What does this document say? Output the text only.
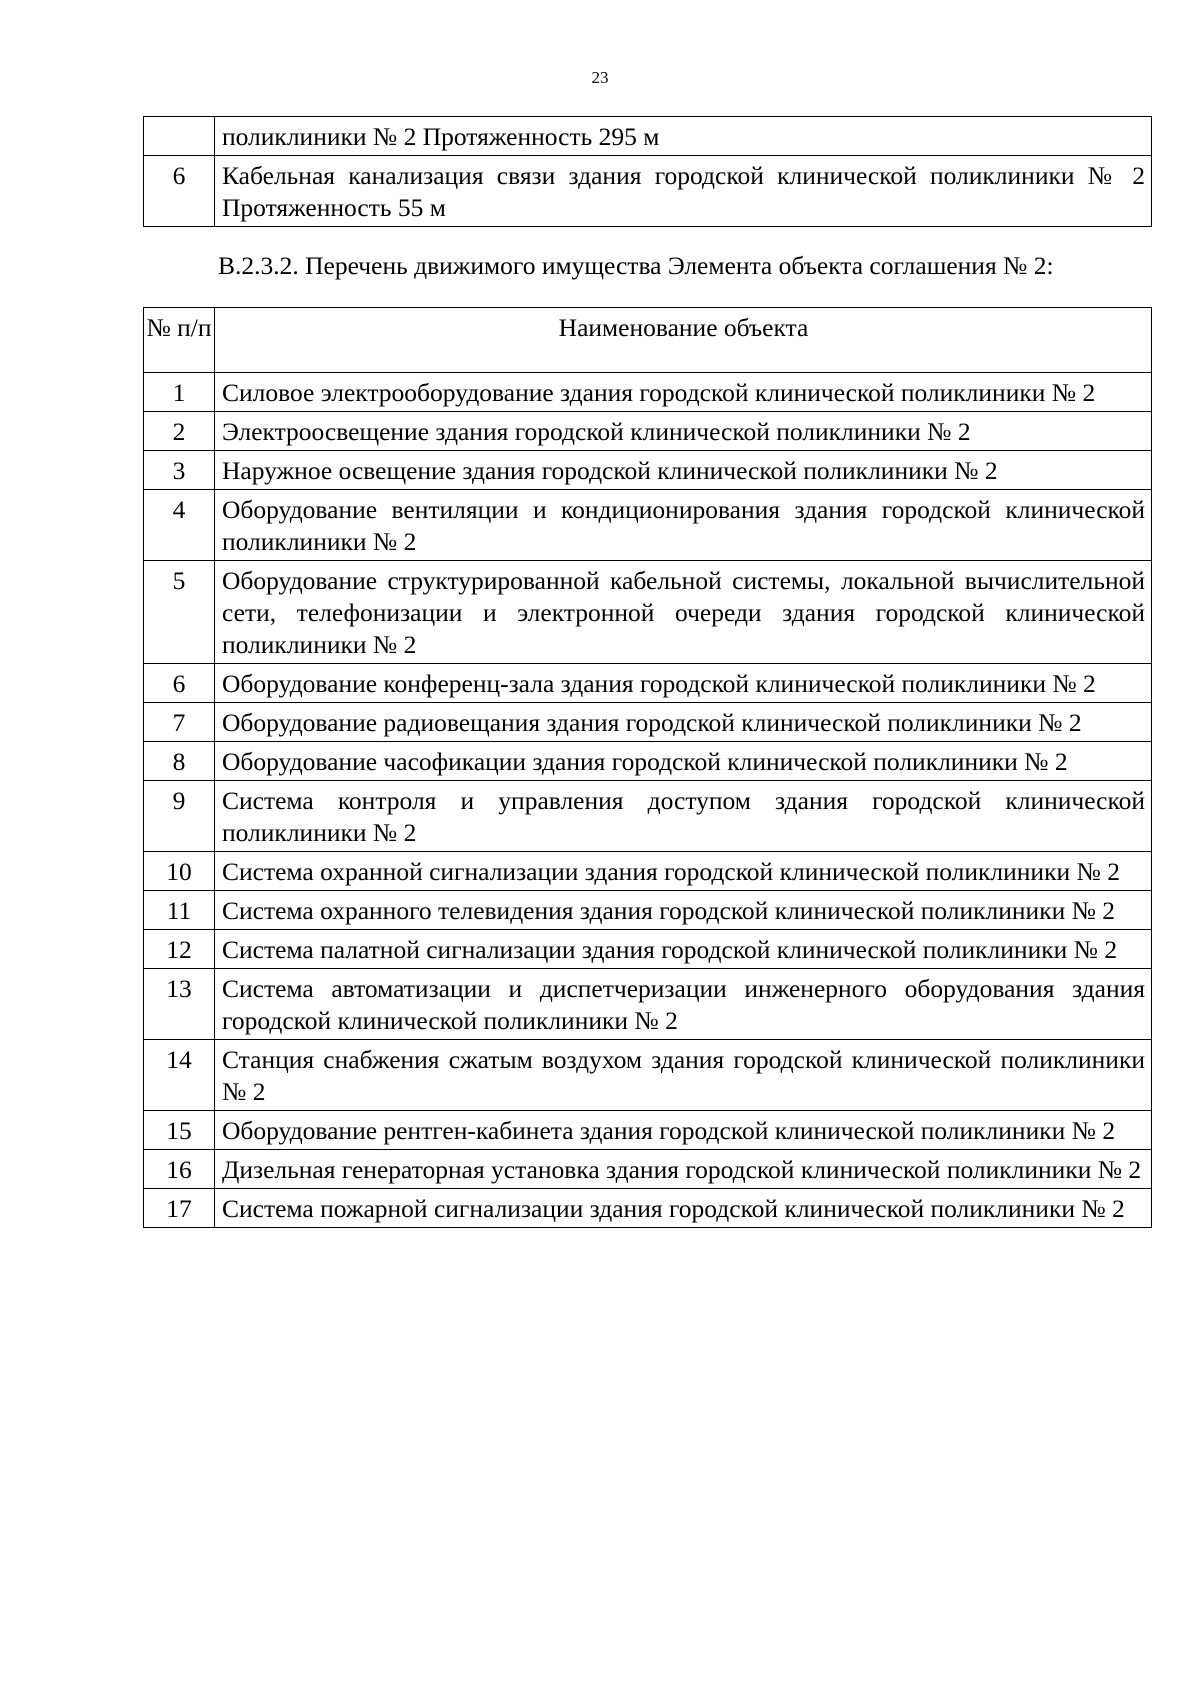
23
	поликлиники № 2 Протяженность 295 м
6	Кабельная канализация связи здания городской клинической поликлиники № 2 Протяженность 55 м
В.2.3.2. Перечень движимого имущества Элемента объекта соглашения № 2:
№ п/п	Наименование объекта
1	Силовое электрооборудование здания городской клинической поликлиники № 2
2	Электроосвещение здания городской клинической поликлиники № 2
3	Наружное освещение здания городской клинической поликлиники № 2
4	Оборудование вентиляции и кондиционирования здания городской клинической поликлиники № 2
5	Оборудование структурированной кабельной системы, локальной вычислительной сети, телефонизации и электронной очереди здания городской клинической поликлиники № 2
6	Оборудование конференц-зала здания городской клинической поликлиники № 2
7	Оборудование радиовещания здания городской клинической поликлиники № 2
8	Оборудование часофикации здания городской клинической поликлиники № 2
9	Система контроля и управления доступом здания городской клинической поликлиники № 2
10	Система охранной сигнализации здания городской клинической поликлиники № 2
11	Система охранного телевидения здания городской клинической поликлиники № 2
12	Система палатной сигнализации здания городской клинической поликлиники № 2
13	Система автоматизации и диспетчеризации инженерного оборудования здания городской клинической поликлиники № 2
14	Станция снабжения сжатым воздухом здания городской клинической поликлиники № 2
15	Оборудование рентген-кабинета здания городской клинической поликлиники № 2
16	Дизельная генераторная установка здания городской клинической поликлиники № 2
17	Система пожарной сигнализации здания городской клинической поликлиники № 2
